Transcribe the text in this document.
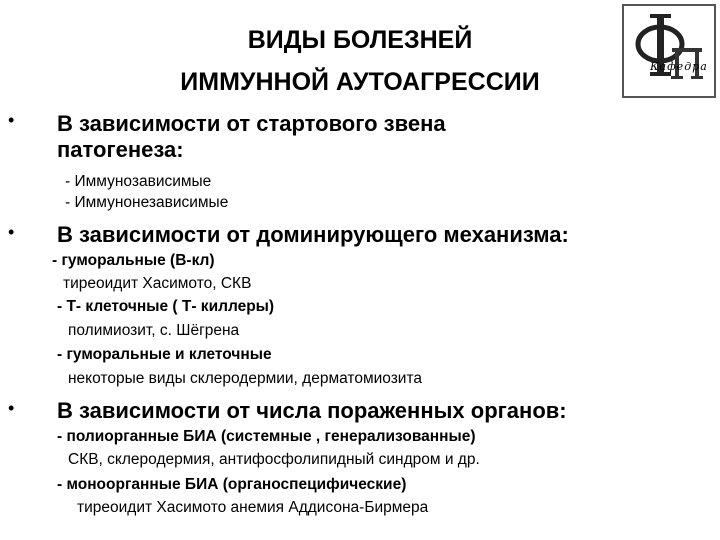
ВИДЫ БОЛЕЗНЕЙ
ИММУННОЙ АУТОАГРЕССИИ
Кафедра
• В зависимости от стартового звена
патогенеза:
- Иммунозависимые
- Иммунонезависимые
• В зависимости от доминирующего механизма:
- гуморальные (В-кл)
тиреоидит Хасимото, СКВ
- Т- клеточные ( Т- киллеры)
полимиозит, с. Шёгрена
- гуморальные и клеточные
некоторые виды склеродермии, дерматомиозита
• В зависимости от числа пораженных органов:
- полиорганные БИА (системные , генерализованные)
СКВ, склеродермия, антифосфолипидный синдром и др.
- моноорганные БИА (органоспецифические)
тиреоидит Хасимото анемия Аддисона-Бирмера
